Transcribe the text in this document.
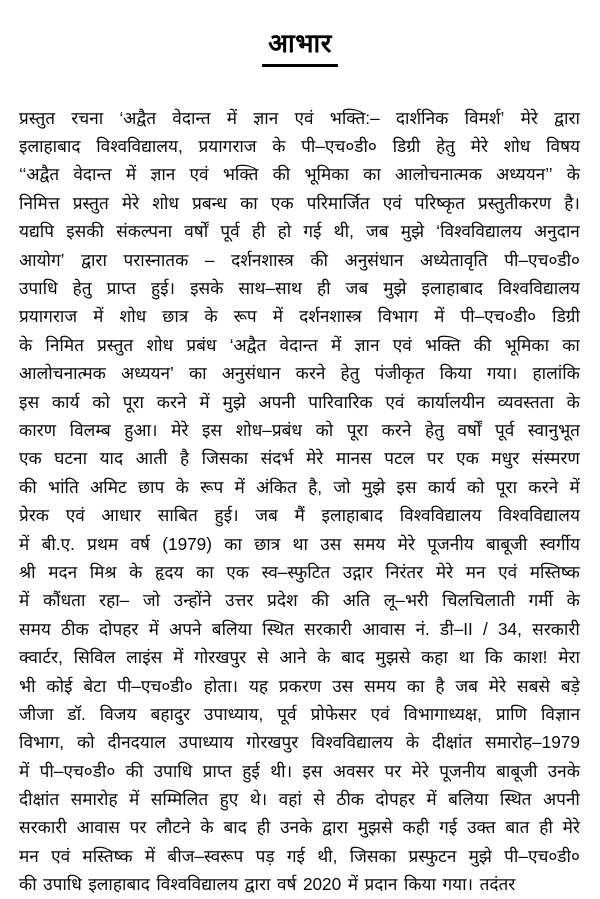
आभार
प्रस्तुत रचना ‘अद्वैत वेदान्त में ज्ञान एवं भक्ति:– दार्शनिक विमर्श’ मेरे द्वारा
इलाहाबाद विश्वविद्यालय, प्रयागराज के पी–एच०डी० डिग्री हेतु मेरे शोध विषय
‘‘अद्वैत वेदान्त में ज्ञान एवं भक्ति की भूमिका का आलोचनात्मक अध्ययन’’ के
निमित्त प्रस्तुत मेरे शोध प्रबन्ध का एक परिमार्जित एवं परिष्कृत प्रस्तुतीकरण है।
यद्यपि इसकी संकल्पना वर्षों पूर्व ही हो गई थी, जब मुझे ‘विश्वविद्यालय अनुदान
आयोग’ द्वारा परास्नातक – दर्शनशास्त्र की अनुसंधान अध्येतावृति पी–एच०डी०
उपाधि हेतु प्राप्त हुई। इसके साथ–साथ ही जब मुझे इलाहाबाद विश्वविद्यालय
प्रयागराज में शोध छात्र के रूप में दर्शनशास्त्र विभाग में पी–एच०डी० डिग्री
के निमित प्रस्तुत शोध प्रबंध ‘अद्वैत वेदान्त में ज्ञान एवं भक्ति की भूमिका का
आलोचनात्मक अध्ययन’ का अनुसंधान करने हेतु पंजीकृत किया गया। हालांकि
इस कार्य को पूरा करने में मुझे अपनी पारिवारिक एवं कार्यालयीन व्यवस्तता के
कारण विलम्ब हुआ। मेरे इस शोध–प्रबंध को पूरा करने हेतु वर्षों पूर्व स्वानुभूत
एक घटना याद आती है जिसका संदर्भ मेरे मानस पटल पर एक मधुर संस्मरण
की भांति अमिट छाप के रूप में अंकित है, जो मुझे इस कार्य को पूरा करने में
प्रेरक एवं आधार साबित हुई। जब मैं इलाहाबाद विश्वविद्यालय विश्वविद्यालय
में बी.ए. प्रथम वर्ष (1979) का छात्र था उस समय मेरे पूजनीय बाबूजी स्वर्गीय
श्री मदन मिश्र के हृदय का एक स्व–स्फुटित उद्गार निरंतर मेरे मन एवं मस्तिष्क
में कौंधता रहा– जो उन्होंने उत्तर प्रदेश की अति लू–भरी चिलचिलाती गर्मी के
समय ठीक दोपहर में अपने बलिया स्थित सरकारी आवास नं. डी–II / 34, सरकारी
क्वार्टर, सिविल लाइंस में गोरखपुर से आने के बाद मुझसे कहा था कि काश! मेरा
भी कोई बेटा पी–एच०डी० होता। यह प्रकरण उस समय का है जब मेरे सबसे बड़े
जीजा डॉ. विजय बहादुर उपाध्याय, पूर्व प्रोफेसर एवं विभागाध्यक्ष, प्राणि विज्ञान
विभाग, को दीनदयाल उपाध्याय गोरखपुर विश्वविद्यालय के दीक्षांत समारोह–1979
में पी–एच०डी० की उपाधि प्राप्त हुई थी। इस अवसर पर मेरे पूजनीय बाबूजी उनके
दीक्षांत समारोह में सम्मिलित हुए थे। वहां से ठीक दोपहर में बलिया स्थित अपनी
सरकारी आवास पर लौटने के बाद ही उनके द्वारा मुझसे कही गई उक्त बात ही मेरे
मन एवं मस्तिष्क में बीज–स्वरूप पड़ गई थी, जिसका प्रस्फुटन मुझे पी–एच०डी०
की उपाधि इलाहाबाद विश्वविद्यालय द्वारा वर्ष 2020 में प्रदान किया गया। तदंतर
